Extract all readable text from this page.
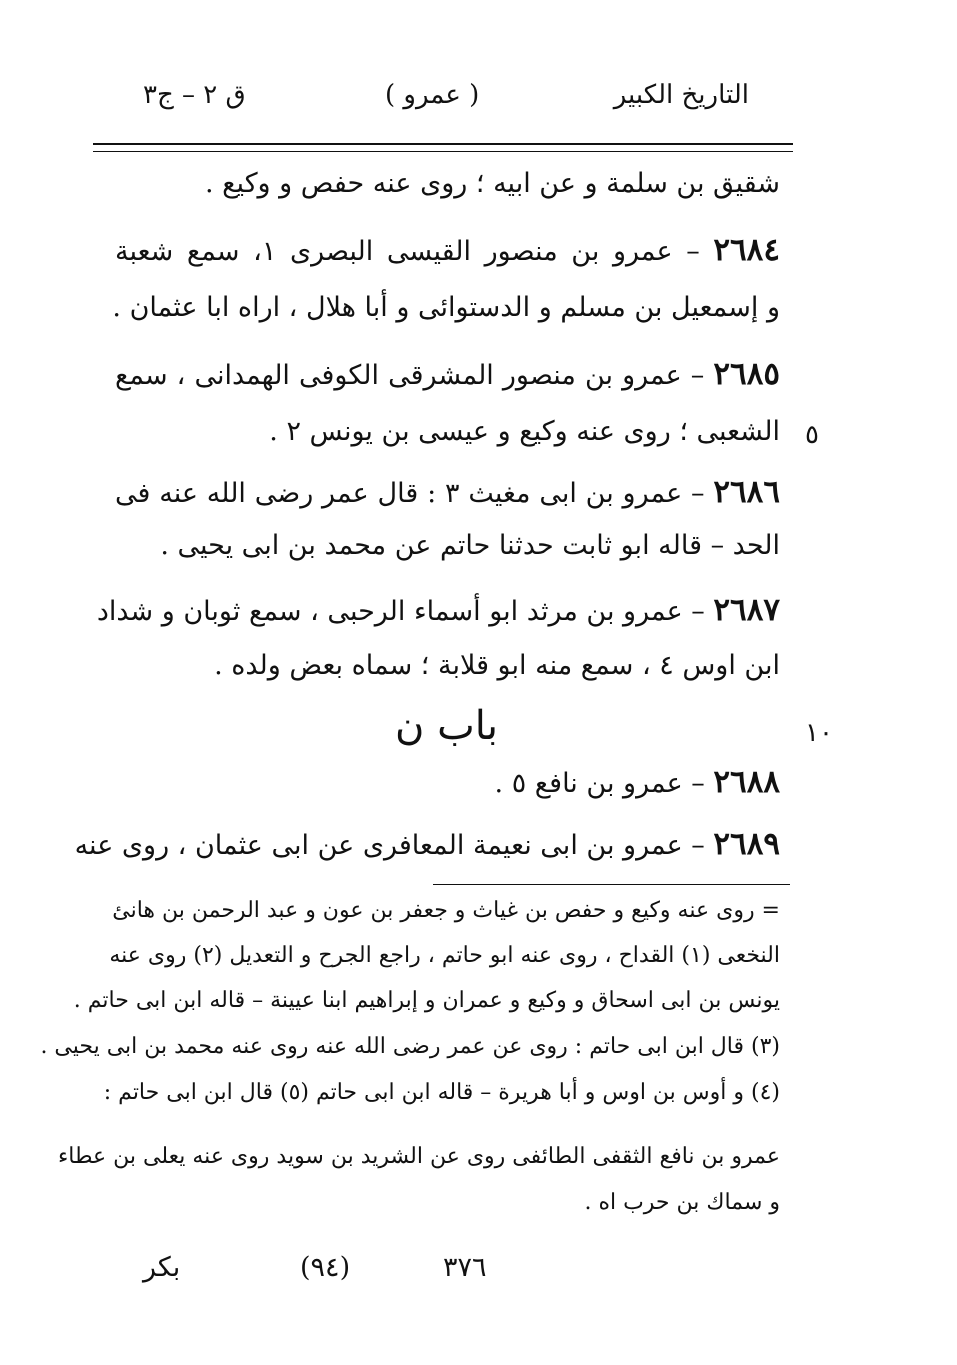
التاريخ الكبير
( عمرو )
ق ٢ – ج٣
شقيق بن سلمة و عن ابيه ؛ روى عنه حفص و وكيع .
٢٦٨٤ – عمرو بن منصور القيسى البصرى ١، سمع شعبة
و إسمعيل بن مسلم و الدستوائى و أبا هلال ، اراه ابا عثمان .
٢٦٨٥ – عمرو بن منصور المشرقى الكوفى الهمدانى ، سمع
الشعبى ؛ روى عنه وكيع و عيسى بن يونس ٢ . ٥
٢٦٨٦ – عمرو بن ابى مغيث ٣ : قال عمر رضى الله عنه فى
الحد – قاله ابو ثابت حدثنا حاتم عن محمد بن ابى يحيى .
٢٦٨٧ – عمرو بن مرثد ابو أسماء الرحبى ، سمع ثوبان و شداد
ابن اوس ٤ ، سمع منه ابو قلابة ؛ سماه بعض ولده .
باب ن	١٠
٢٦٨٨ – عمرو بن نافع ٥ .
٢٦٨٩ – عمرو بن ابى نعيمة المعافرى عن ابى عثمان ، روى عنه
= روى عنه وكيع و حفص بن غياث و جعفر بن عون و عبد الرحمن بن هانئ
النخعى (١) القداح ، روى عنه ابو حاتم ، راجع الجرح و التعديل (٢) روى عنه
يونس بن ابى اسحاق و وكيع و عمران و إبراهيم ابنا عيينة – قاله ابن ابى حاتم .
(٣) قال ابن ابى حاتم : روى عن عمر رضى الله عنه روى عنه محمد بن ابى يحيى .
(٤) و أوس بن اوس و أبا هريرة – قاله ابن ابى حاتم (٥) قال ابن ابى حاتم :
عمرو بن نافع الثقفى الطائفى روى عن الشريد بن سويد روى عنه يعلى بن عطاء
و سماك بن حرب اه .
٣٧٦
(٩٤)
بكر
